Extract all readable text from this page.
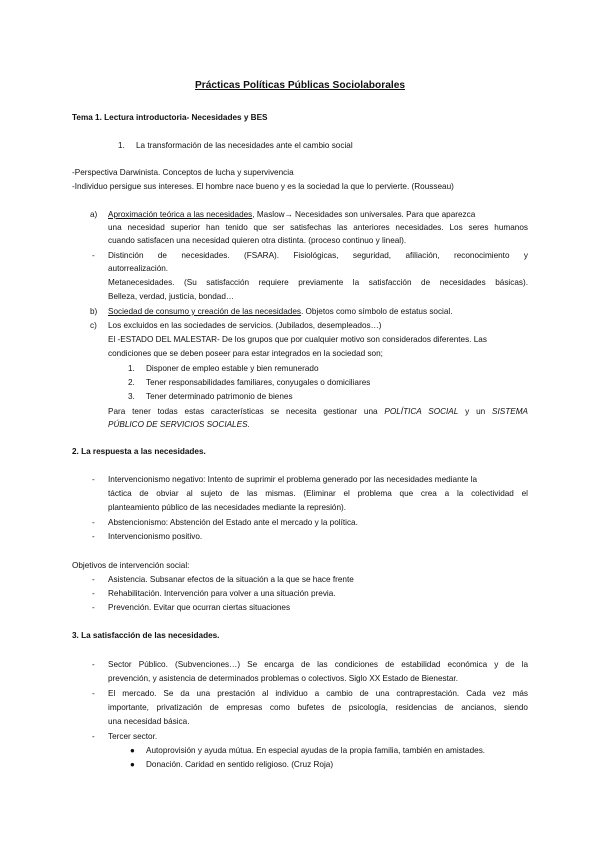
Prácticas Políticas Públicas Sociolaborales
Tema 1. Lectura introductoria- Necesidades y BES
1. La transformación de las necesidades ante el cambio social
-Perspectiva Darwinista. Conceptos de lucha y supervivencia
-Individuo persigue sus intereses. El hombre nace bueno y es la sociedad la que lo pervierte. (Rousseau)
a) Aproximación teórica a las necesidades, Maslow→ Necesidades son universales. Para que aparezca
una necesidad superior han tenido que ser satisfechas las anteriores necesidades. Los seres humanos
cuando satisfacen una necesidad quieren otra distinta. (proceso continuo y lineal).
- Distinción de necesidades. (FSARA). Fisiológicas, seguridad, afiliación, reconocimiento y
autorrealización.
Metanecesidades. (Su satisfacción requiere previamente la satisfacción de necesidades básicas).
Belleza, verdad, justicia, bondad…
b) Sociedad de consumo y creación de las necesidades. Objetos como símbolo de estatus social.
c) Los excluidos en las sociedades de servicios. (Jubilados, desempleados…)
El -ESTADO DEL MALESTAR- De los grupos que por cualquier motivo son considerados diferentes. Las
condiciones que se deben poseer para estar integrados en la sociedad son;
1. Disponer de empleo estable y bien remunerado
2. Tener responsabilidades familiares, conyugales o domiciliares
3. Tener determinado patrimonio de bienes
Para tener todas estas características se necesita gestionar una POLÍTICA SOCIAL y un SISTEMA
PÚBLICO DE SERVICIOS SOCIALES.
2. La respuesta a las necesidades.
- Intervencionismo negativo: Intento de suprimir el problema generado por las necesidades mediante la
táctica de obviar al sujeto de las mismas. (Eliminar el problema que crea a la colectividad el
planteamiento público de las necesidades mediante la represión).
- Abstencionismo: Abstención del Estado ante el mercado y la política.
- Intervencionismo positivo.
Objetivos de intervención social:
- Asistencia. Subsanar efectos de la situación a la que se hace frente
- Rehabilitación. Intervención para volver a una situación previa.
- Prevención. Evitar que ocurran ciertas situaciones
3. La satisfacción de las necesidades.
- Sector Público. (Subvenciones…) Se encarga de las condiciones de estabilidad económica y de la
prevención, y asistencia de determinados problemas o colectivos. Siglo XX Estado de Bienestar.
- El mercado. Se da una prestación al individuo a cambio de una contraprestación. Cada vez más
importante, privatización de empresas como bufetes de psicología, residencias de ancianos, siendo
una necesidad básica.
- Tercer sector.
● Autoprovisión y ayuda mútua. En especial ayudas de la propia familia, también en amistades.
● Donación. Caridad en sentido religioso. (Cruz Roja)
